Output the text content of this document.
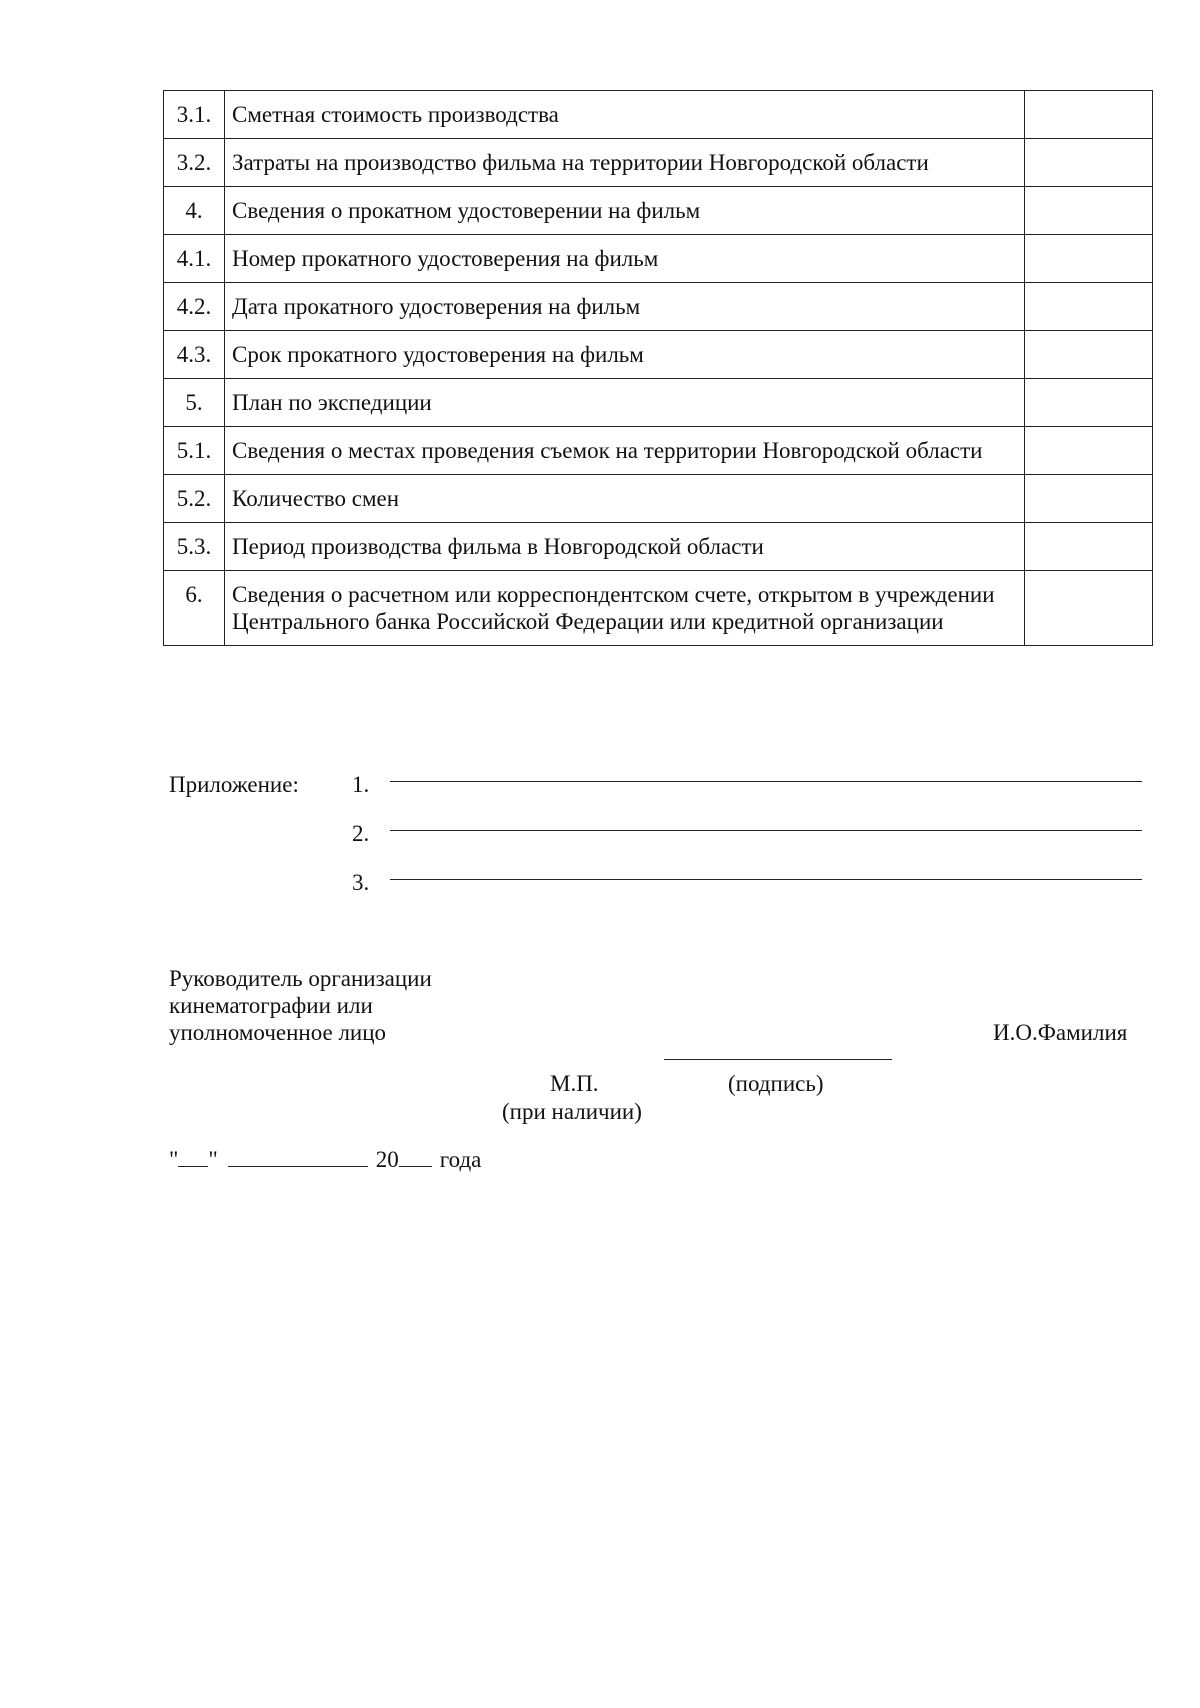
3.1.	Сметная стоимость производства	
3.2.	Затраты на производство фильма на территории Новгородской области	
4.	Сведения о прокатном удостоверении на фильм	
4.1.	Номер прокатного удостоверения на фильм	
4.2.	Дата прокатного удостоверения на фильм	
4.3.	Срок прокатного удостоверения на фильм	
5.	План по экспедиции	
5.1.	Сведения о местах проведения съемок на территории Новгородской области	
5.2.	Количество смен	
5.3.	Период производства фильма в Новгородской области	
6.	Сведения о расчетном или корреспондентском счете, открытом в учреждении Центрального банка Российской Федерации или кредитной организации	
Приложение: 1.
2.
3.
Руководитель организации
кинематографии или
уполномоченное лицо	И.О.Фамилия
М.П.	(подпись)
(при наличии)
" "	20 года
